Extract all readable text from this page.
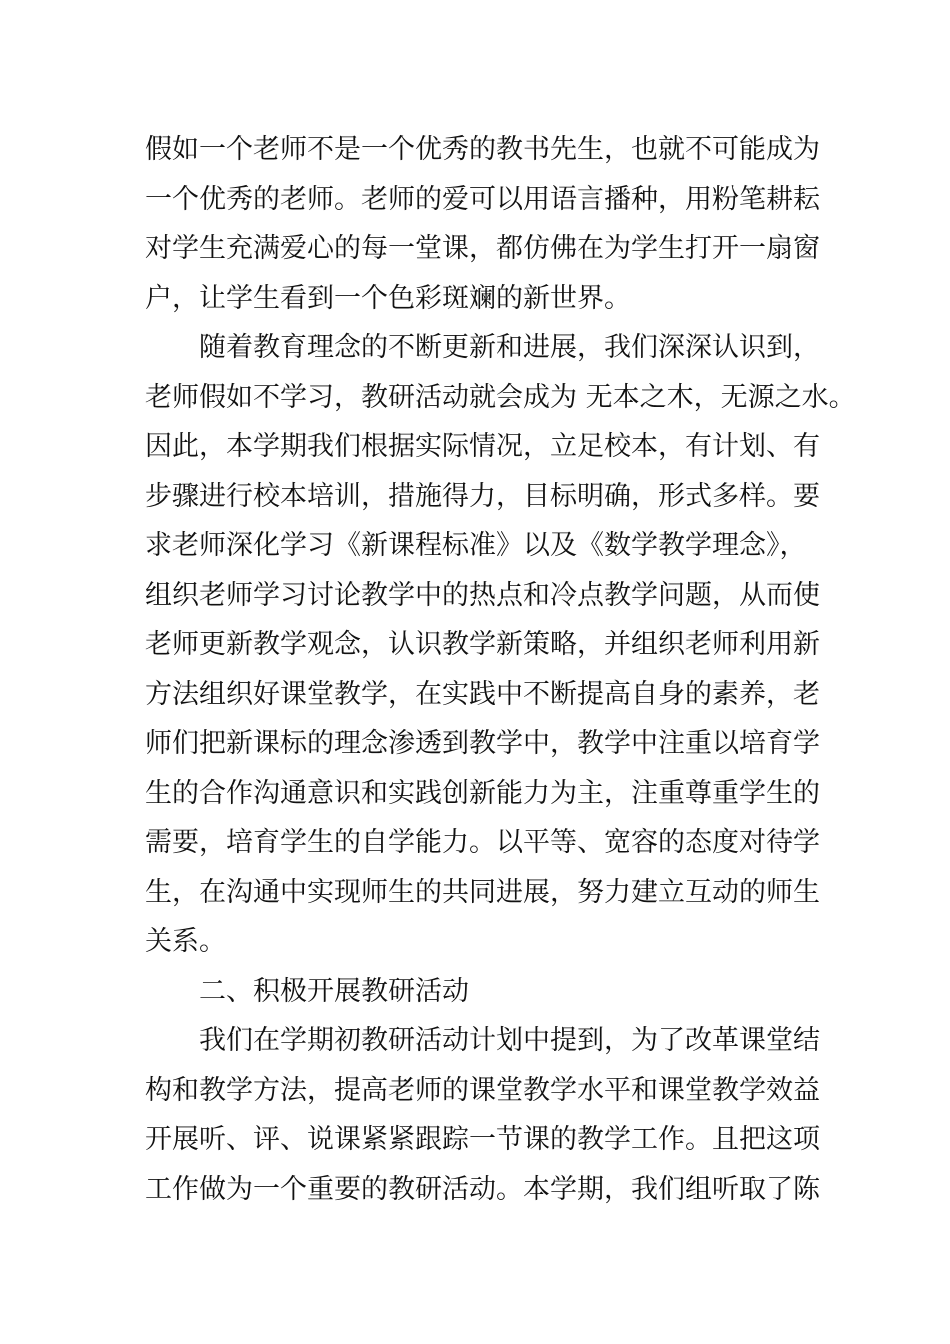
假如一个老师不是一个优秀的教书先生，也就不可能成为
一个优秀的老师。老师的爱可以用语言播种，用粉笔耕耘
对学生充满爱心的每一堂课，都仿佛在为学生打开一扇窗
户，让学生看到一个色彩斑斓的新世界。
随着教育理念的不断更新和进展，我们深深认识到，
老师假如不学习，教研活动就会成为 无本之木，无源之水。
因此，本学期我们根据实际情况，立足校本，有计划、有
步骤进行校本培训，措施得力，目标明确，形式多样。要
求老师深化学习《新课程标准》以及《数学教学理念》，
组织老师学习讨论教学中的热点和冷点教学问题，从而使
老师更新教学观念，认识教学新策略，并组织老师利用新
方法组织好课堂教学，在实践中不断提高自身的素养，老
师们把新课标的理念渗透到教学中，教学中注重以培育学
生的合作沟通意识和实践创新能力为主，注重尊重学生的
需要，培育学生的自学能力。以平等、宽容的态度对待学
生，在沟通中实现师生的共同进展，努力建立互动的师生
关系。
二、积极开展教研活动
我们在学期初教研活动计划中提到，为了改革课堂结
构和教学方法，提高老师的课堂教学水平和课堂教学效益
开展听、评、说课紧紧跟踪一节课的教学工作。且把这项
工作做为一个重要的教研活动。本学期，我们组听取了陈
